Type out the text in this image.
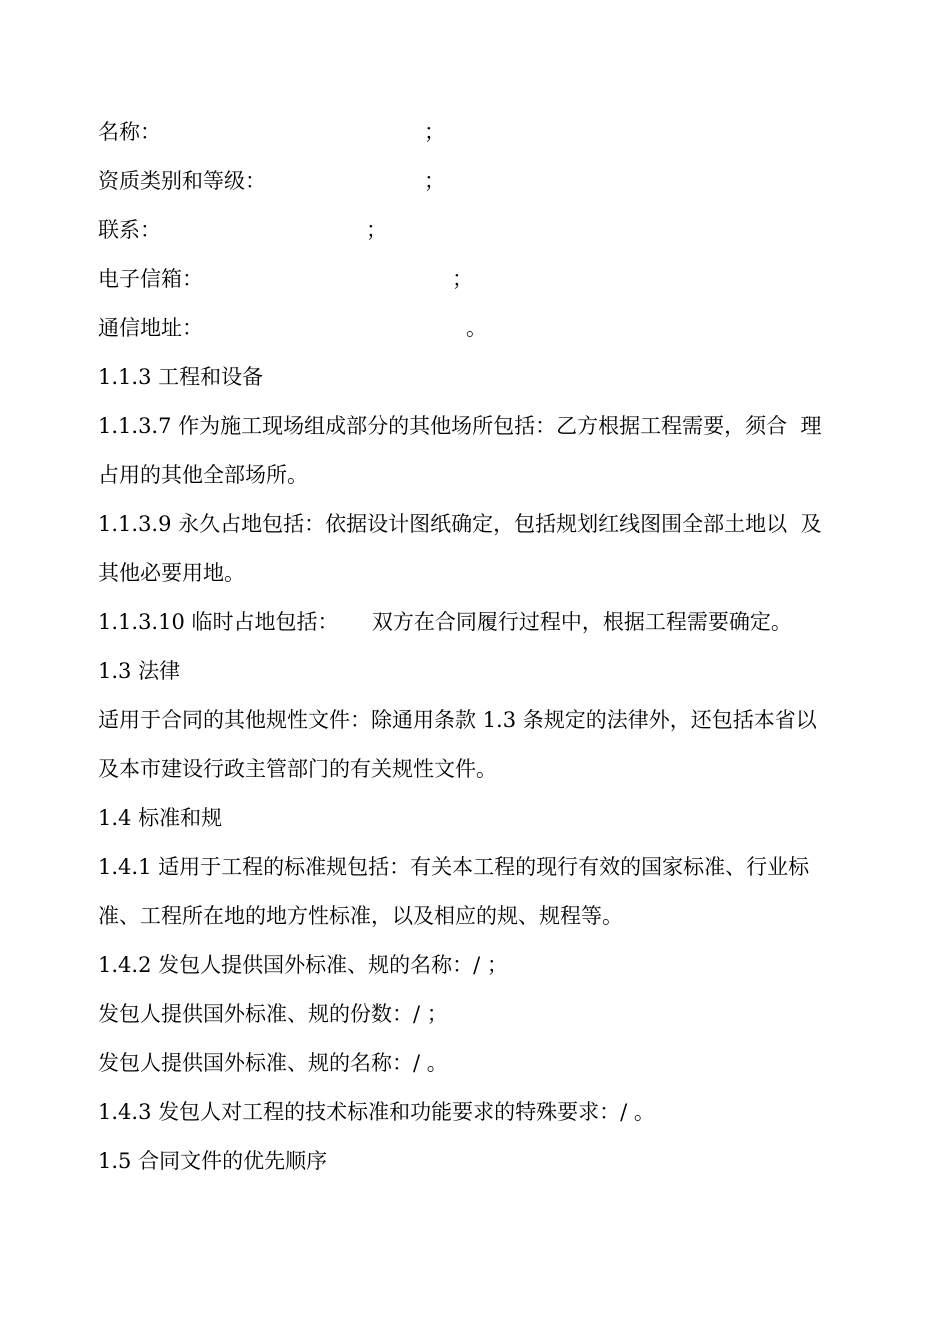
名称：	；
资质类别和等级：	；
联系：	；
电子信箱：	；
通信地址：	。
1.1.3 工程和设备
1.1.3.7 作为施工现场组成部分的其他场所包括：乙方根据工程需要，须合  理
占用的其他全部场所。
1.1.3.9 永久占地包括：依据设计图纸确定，包括规划红线图围全部土地以  及
其他必要用地。
1.1.3.10 临时占地包括：     双方在合同履行过程中，根据工程需要确定。
1.3 法律
适用于合同的其他规性文件：除通用条款 1.3 条规定的法律外，还包括本省以
及本市建设行政主管部门的有关规性文件。
1.4 标准和规
1.4.1 适用于工程的标准规包括：有关本工程的现行有效的国家标准、行业标
准、工程所在地的地方性标准，以及相应的规、规程等。
1.4.2 发包人提供国外标准、规的名称：/ ；
发包人提供国外标准、规的份数：/ ；
发包人提供国外标准、规的名称：/ 。
1.4.3 发包人对工程的技术标准和功能要求的特殊要求：/ 。
1.5 合同文件的优先顺序
